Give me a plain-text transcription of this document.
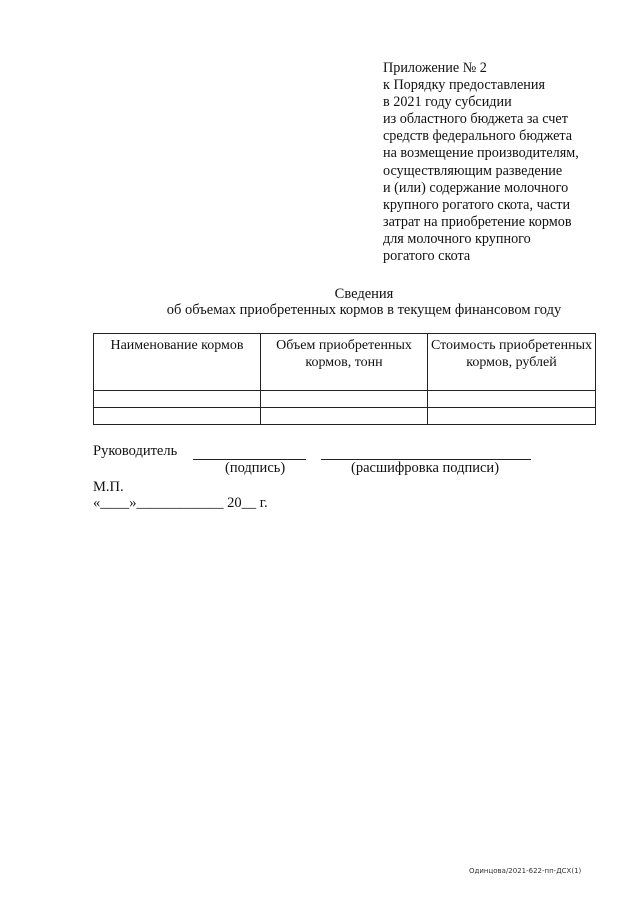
Приложение № 2
к Порядку предоставления
в 2021 году субсидии
из областного бюджета за счет
средств федерального бюджета
на возмещение производителям,
осуществляющим разведение
и (или) содержание молочного
крупного рогатого скота, части
затрат на приобретение кормов
для молочного крупного
рогатого скота
Сведения
об объемах приобретенных кормов в текущем финансовом году
Наименование кормов	Объем приобретенных кормов, тонн	Стоимость приобретенных кормов, рублей

Руководитель
(подпись)	(расшифровка подписи)
М.П.
«____»____________ 20__ г.
Одинцова/2021-622-пп-ДСХ(1)
